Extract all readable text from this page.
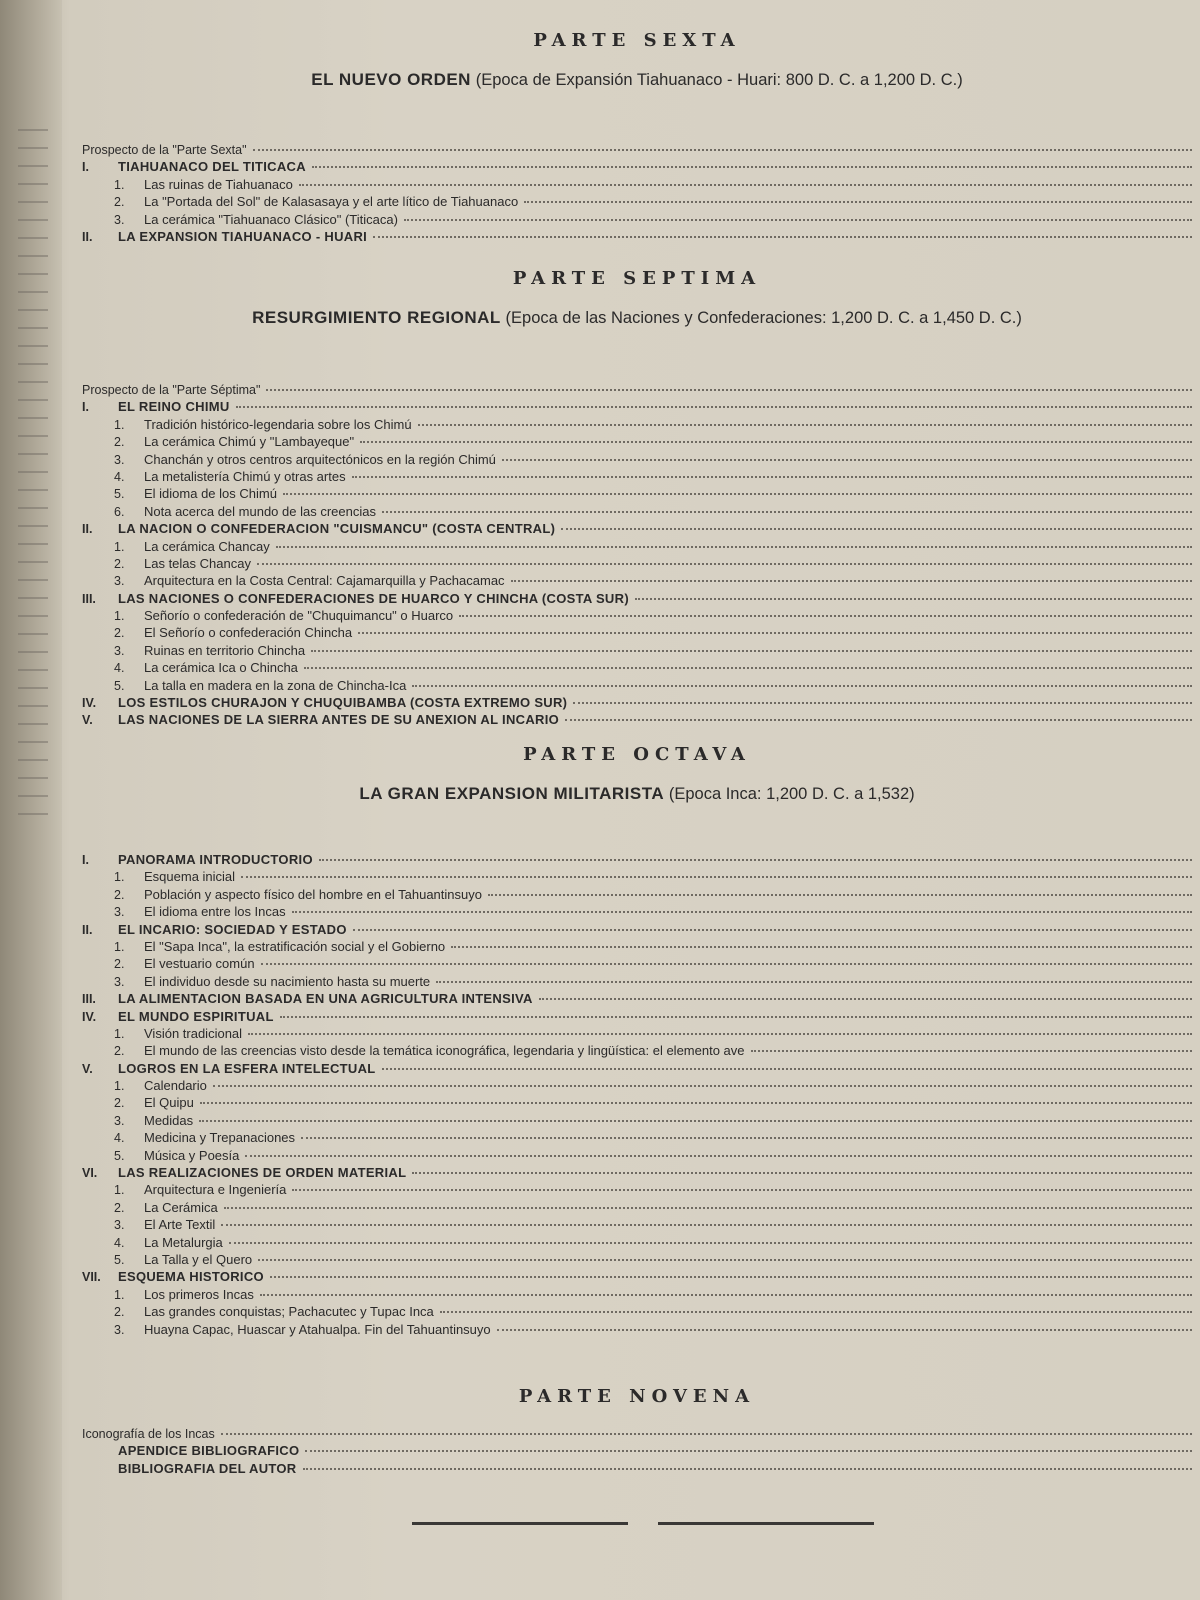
PARTE SEXTA
EL NUEVO ORDEN (Epoca de Expansión Tiahuanaco - Huari: 800 D. C. a 1,200 D. C.)
Prospecto de la "Parte Sexta"
I.	TIAHUANACO DEL TITICACA
1.	Las ruinas de Tiahuanaco
2.	La "Portada del Sol" de Kalasasaya y el arte lítico de Tiahuanaco
3.	La cerámica "Tiahuanaco Clásico" (Titicaca)
II.	LA EXPANSION TIAHUANACO - HUARI
PARTE SEPTIMA
RESURGIMIENTO REGIONAL (Epoca de las Naciones y Confederaciones: 1,200 D. C. a 1,450 D. C.)
Prospecto de la "Parte Séptima"
I.	EL REINO CHIMU
1.	Tradición histórico-legendaria sobre los Chimú
2.	La cerámica Chimú y "Lambayeque"
3.	Chanchán y otros centros arquitectónicos en la región Chimú
4.	La metalistería Chimú y otras artes
5.	El idioma de los Chimú
6.	Nota acerca del mundo de las creencias
II.	LA NACION O CONFEDERACION "CUISMANCU" (COSTA CENTRAL)
1.	La cerámica Chancay
2.	Las telas Chancay
3.	Arquitectura en la Costa Central: Cajamarquilla y Pachacamac
III.	LAS NACIONES O CONFEDERACIONES DE HUARCO Y CHINCHA (COSTA SUR)
1.	Señorío o confederación de "Chuquimancu" o Huarco
2.	El Señorío o confederación Chincha
3.	Ruinas en territorio Chincha
4.	La cerámica Ica o Chincha
5.	La talla en madera en la zona de Chincha-Ica
IV.	LOS ESTILOS CHURAJON Y CHUQUIBAMBA (COSTA EXTREMO SUR)
V.	LAS NACIONES DE LA SIERRA ANTES DE SU ANEXION AL INCARIO
PARTE OCTAVA
LA GRAN EXPANSION MILITARISTA (Epoca Inca: 1,200 D. C. a 1,532)
I.	PANORAMA INTRODUCTORIO
1.	Esquema inicial
2.	Población y aspecto físico del hombre en el Tahuantinsuyo
3.	El idioma entre los Incas
II.	EL INCARIO: SOCIEDAD Y ESTADO
1.	El "Sapa Inca", la estratificación social y el Gobierno
2.	El vestuario común
3.	El individuo desde su nacimiento hasta su muerte
III.	LA ALIMENTACION BASADA EN UNA AGRICULTURA INTENSIVA
IV.	EL MUNDO ESPIRITUAL
1.	Visión tradicional
2.	El mundo de las creencias visto desde la temática iconográfica, legendaria y lingüística: el elemento ave
V.	LOGROS EN LA ESFERA INTELECTUAL
1.	Calendario
2.	El Quipu
3.	Medidas
4.	Medicina y Trepanaciones
5.	Música y Poesía
VI.	LAS REALIZACIONES DE ORDEN MATERIAL
1.	Arquitectura e Ingeniería
2.	La Cerámica
3.	El Arte Textil
4.	La Metalurgia
5.	La Talla y el Quero
VII.	ESQUEMA HISTORICO
1.	Los primeros Incas
2.	Las grandes conquistas; Pachacutec y Tupac Inca
3.	Huayna Capac, Huascar y Atahualpa. Fin del Tahuantinsuyo
PARTE NOVENA
Iconografía de los Incas
APENDICE BIBLIOGRAFICO
BIBLIOGRAFIA DEL AUTOR
